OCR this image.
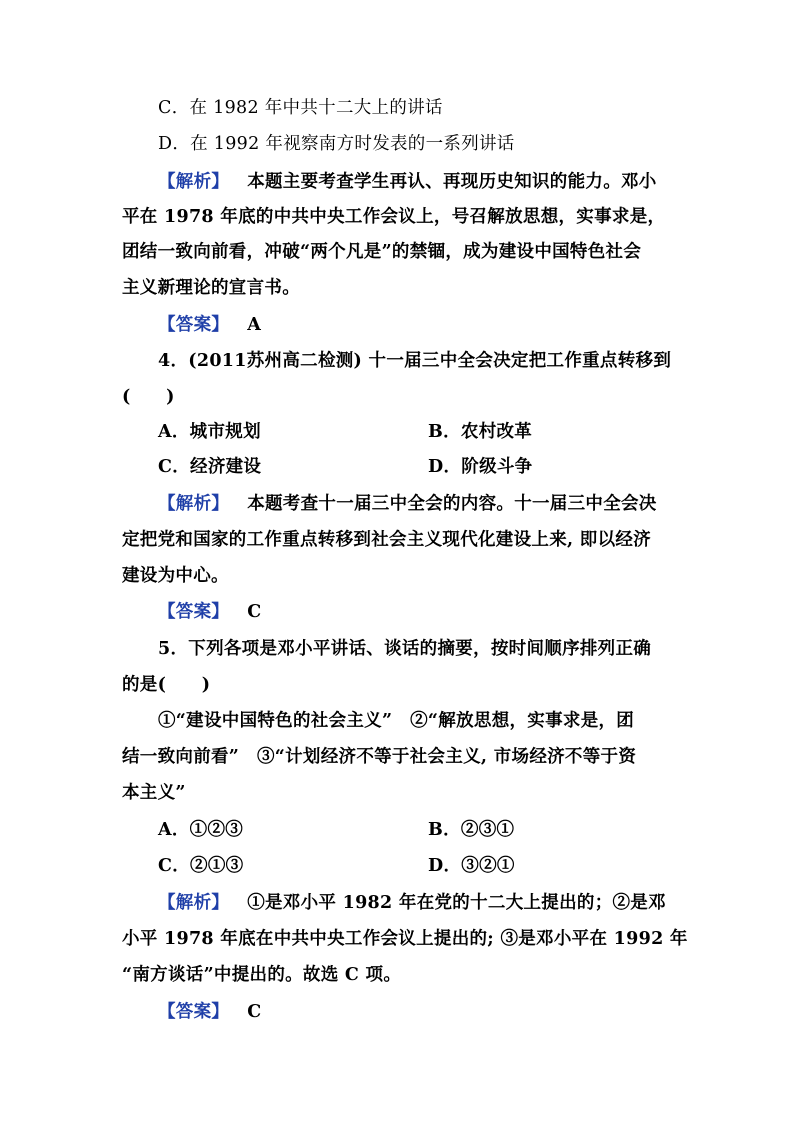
C．在 1982 年中共十二大上的讲话
D．在 1992 年视察南方时发表的一系列讲话
【解析】 本题主要考查学生再认、再现历史知识的能力。邓小
平在 1978 年底的中共中央工作会议上，号召解放思想，实事求是，
团结一致向前看，冲破“两个凡是”的禁锢，成为建设中国特色社会
主义新理论的宣言书。
【答案】 A
4．(2011苏州高二检测) 十一届三中全会决定把工作重点转移到
(　　)
A．城市规划	B．农村改革
C．经济建设	D．阶级斗争
【解析】 本题考查十一届三中全会的内容。十一届三中全会决
定把党和国家的工作重点转移到社会主义现代化建设上来, 即以经济
建设为中心。
【答案】 C
5．下列各项是邓小平讲话、谈话的摘要，按时间顺序排列正确
的是(　　)
①“建设中国特色的社会主义”　②“解放思想，实事求是，团
结一致向前看”　③“计划经济不等于社会主义, 市场经济不等于资
本主义”
A．①②③	B．②③①
C．②①③	D．③②①
【解析】 ①是邓小平 1982 年在党的十二大上提出的；②是邓
小平 1978 年底在中共中央工作会议上提出的; ③是邓小平在 1992 年
“南方谈话”中提出的。故选 C 项。
【答案】 C
